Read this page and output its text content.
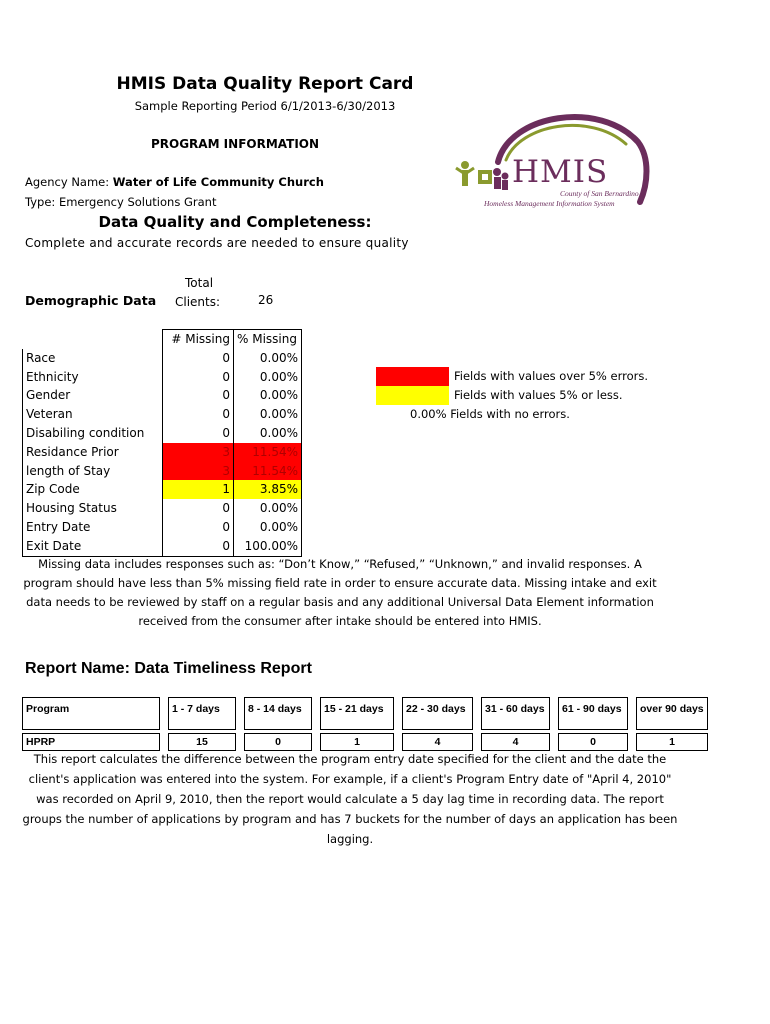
HMIS Data Quality Report Card
Sample Reporting Period 6/1/2013-6/30/2013
PROGRAM INFORMATION
Agency Name: Water of Life Community Church
Type: Emergency Solutions Grant
HMIS
County of San Bernardino
Homeless Management Information System
Data Quality and Completeness:
Complete and accurate records are needed to ensure quality
Demographic Data
Total
Clients:	26
	# Missing	% Missing
Race	0	0.00%
Ethnicity	0	0.00%
Gender	0	0.00%
Veteran	0	0.00%
Disabiling condition	0	0.00%
Residance Prior	3	11.54%
length of Stay	3	11.54%
Zip Code	1	3.85%
Housing Status	0	0.00%
Entry Date	0	0.00%
Exit Date	0	100.00%
Fields with values over 5% errors.
Fields with values 5% or less.
0.00% Fields with no errors.
Missing data includes responses such as: “Don’t Know,” “Refused,” “Unknown,” and invalid responses. A program should have less than 5% missing field rate in order to ensure accurate data. Missing intake and exit data needs to be reviewed by staff on a regular basis and any additional Universal Data Element information received from the consumer after intake should be entered into HMIS.
Report Name: Data Timeliness Report
Program		1 - 7 days		8 - 14 days		15 - 21 days		22 - 30 days		31 - 60 days		61 - 90 days		over 90 days

HPRP		15		0		1		4		4		0		1
This report calculates the difference between the program entry date specified for the client and the date the client's application was entered into the system. For example, if a client's Program Entry date of "April 4, 2010" was recorded on April 9, 2010, then the report would calculate a 5 day lag time in recording data. The report groups the number of applications by program and has 7 buckets for the number of days an application has been lagging.
